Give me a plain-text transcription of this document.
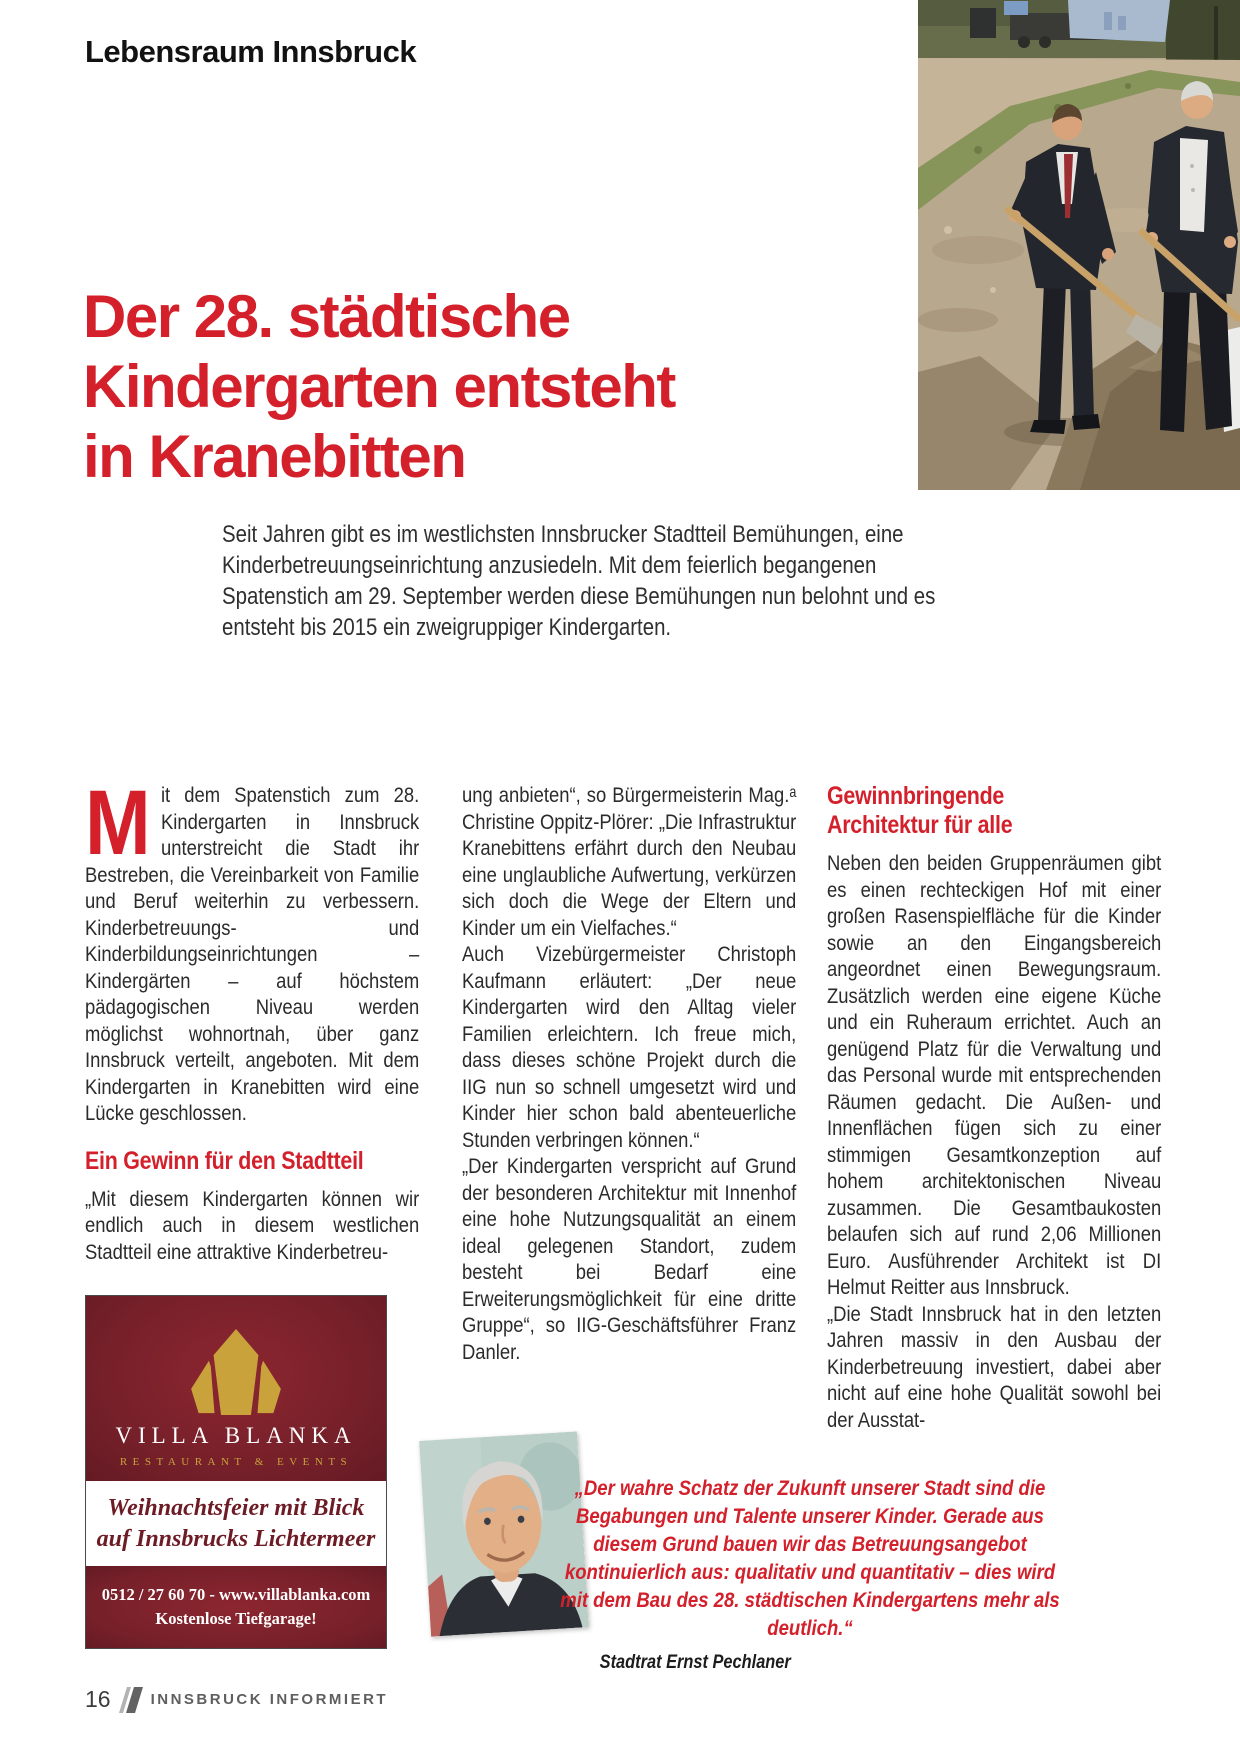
Lebensraum Innsbruck
Der 28. städtische
Kindergarten entsteht
in Kranebitten

Seit Jahren gibt es im westlichsten Innsbrucker Stadtteil Bemühungen, eine Kinderbetreuungseinrichtung anzusiedeln. Mit dem feierlich begangenen Spatenstich am 29. September werden diese Bemühungen nun belohnt und es entsteht bis 2015 ein zweigruppiger Kindergarten.

Mit dem Spatenstich zum 28. Kindergarten in Innsbruck unterstreicht die Stadt ihr Bestreben, die Vereinbarkeit von Familie und Beruf weiterhin zu verbessern. Kinderbetreuungs- und Kinderbildungseinrichtungen – Kindergärten – auf höchstem pädagogischen Niveau werden möglichst wohnortnah, über ganz Innsbruck verteilt, angeboten. Mit dem Kindergarten in Kranebitten wird eine Lücke geschlossen.

Ein Gewinn für den Stadtteil

„Mit diesem Kindergarten können wir endlich auch in diesem westlichen Stadtteil eine attraktive Kinderbetreu-

ung anbieten“, so Bürgermeisterin Mag.ᵃ Christine Oppitz-Plörer: „Die Infrastruktur Kranebittens erfährt durch den Neubau eine unglaubliche Aufwertung, verkürzen sich doch die Wege der Eltern und Kinder um ein Vielfaches.“

Auch Vizebürgermeister Christoph Kaufmann erläutert: „Der neue Kindergarten wird den Alltag vieler Familien erleichtern. Ich freue mich, dass dieses schöne Projekt durch die IIG nun so schnell umgesetzt wird und Kinder hier schon bald abenteuerliche Stunden verbringen können.“

„Der Kindergarten verspricht auf Grund der besonderen Architektur mit Innenhof eine hohe Nutzungsqualität an einem ideal gelegenen Standort, zudem besteht bei Bedarf eine Erweiterungsmöglichkeit für eine dritte Gruppe“, so IIG-Geschäftsführer Franz Danler.

Gewinnbringende Architektur für alle

Neben den beiden Gruppenräumen gibt es einen rechteckigen Hof mit einer großen Rasenspielfläche für die Kinder sowie an den Eingangsbereich angeordnet einen Bewegungsraum. Zusätzlich werden eine eigene Küche und ein Ruheraum errichtet. Auch an genügend Platz für die Verwaltung und das Personal wurde mit entsprechenden Räumen gedacht. Die Außen- und Innenflächen fügen sich zu einer stimmigen Gesamtkonzeption auf hohem architektonischen Niveau zusammen. Die Gesamtbaukosten belaufen sich auf rund 2,06 Millionen Euro. Ausführender Architekt ist DI Helmut Reitter aus Innsbruck.

„Die Stadt Innsbruck hat in den letzten Jahren massiv in den Ausbau der Kinderbetreuung investiert, dabei aber nicht auf eine hohe Qualität sowohl bei der Ausstat-

VILLA BLANKA
RESTAURANT & EVENTS
Weihnachtsfeier mit Blick
auf Innsbrucks Lichtermeer
0512 / 27 60 70 - www.villablanka.com
Kostenlose Tiefgarage!

„Der wahre Schatz der Zukunft unserer Stadt sind die Begabungen und Talente unserer Kinder. Gerade aus diesem Grund bauen wir das Betreuungsangebot kontinuierlich aus: qualitativ und quantitativ – dies wird mit dem Bau des 28. städtischen Kindergartens mehr als deutlich.“

Stadtrat Ernst Pechlaner

16	INNSBRUCK INFORMIERT
